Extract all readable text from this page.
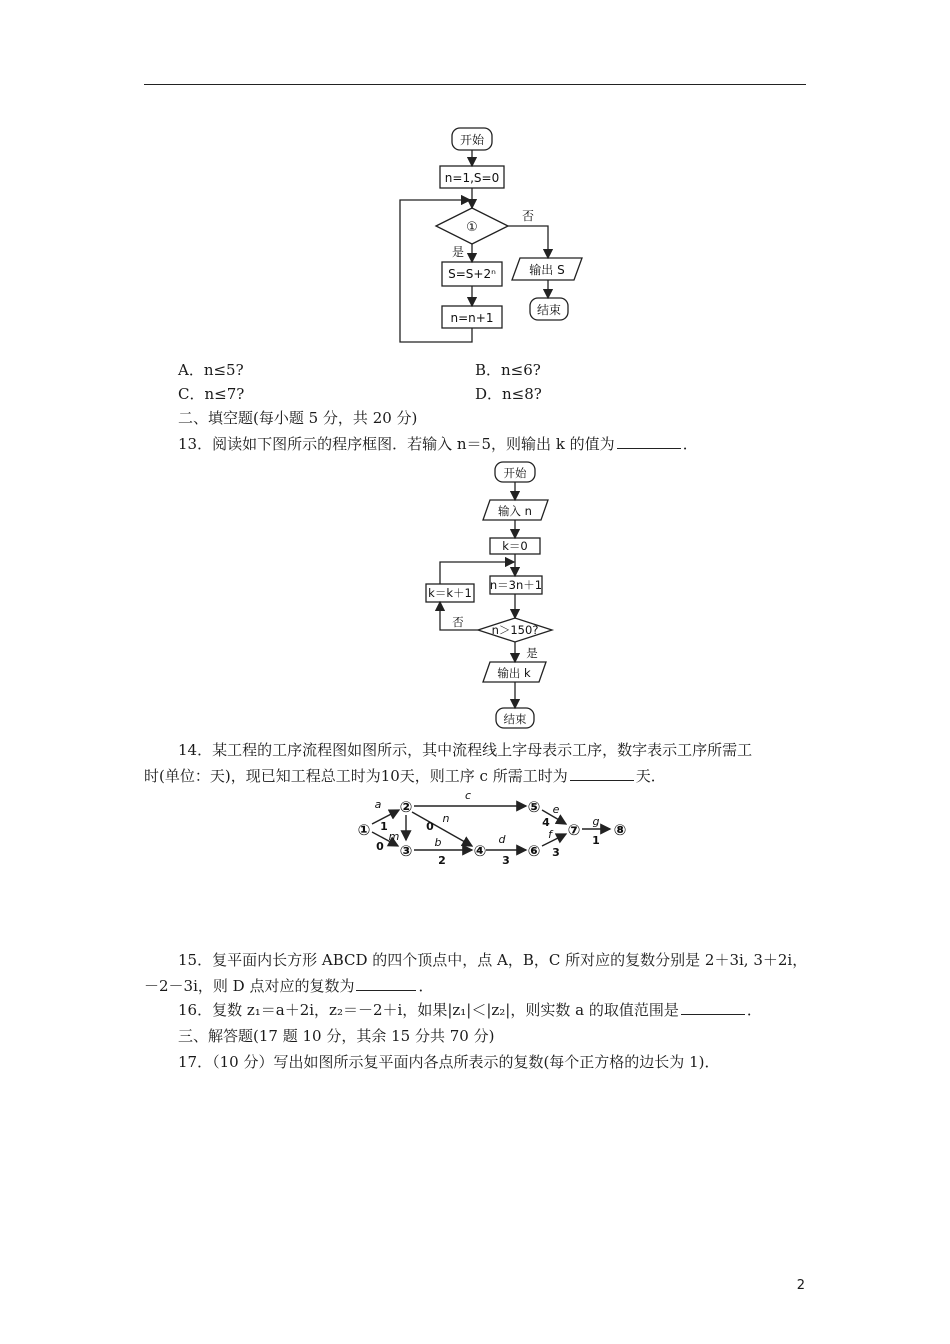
开始
n=1,S=0
①
否
是
S=S+2ⁿ
n=n+1
输出 S
结束
A．n≤5?	B．n≤6?
C．n≤7?	D．n≤8?
二、填空题(每小题 5 分，共 20 分)
13．阅读如下图所示的程序框图．若输入 n＝5，则输出 k 的值为	．
开始
输入 n
k＝0
n＝3n＋1
k＝k＋1
n＞150?
否
是
输出 k
结束
14．某工程的工序流程图如图所示，其中流程线上字母表示工序，数字表示工序所需工
时(单位：天)，现已知工程总工时为10天，则工序 c 所需工时为	天．
①
②
③	④
⑤
⑥
⑦ ⑧
a
m
c
n
b	d
e
f
g
1
0
0
2	3
4
3
1
15．复平面内长方形 ABCD 的四个顶点中，点 A，B，C 所对应的复数分别是 2＋3i, 3＋2i，
－2－3i，则 D 点对应的复数为	．
16．复数 z₁＝a＋2i，z₂＝－2＋i，如果|z₁|＜|z₂|，则实数 a 的取值范围是	．
三、解答题(17 题 10 分，其余 15 分共 70 分)
17．（10 分）写出如图所示复平面内各点所表示的复数(每个正方格的边长为 1)．
2
